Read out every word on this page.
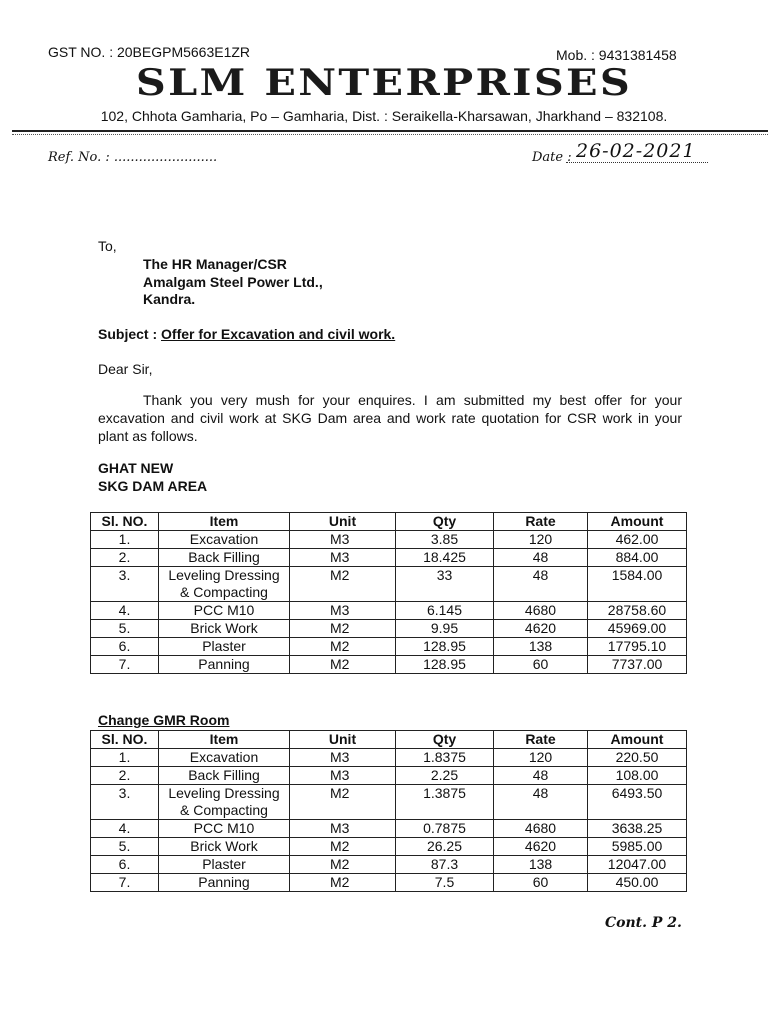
GST NO. : 20BEGPM5663E1ZR	Mob. : 9431381458
SLM ENTERPRISES
102, Chhota Gamharia, Po – Gamharia, Dist. : Seraikella-Kharsawan, Jharkhand – 832108.
Ref. No. : .........................	Date : 26-02-2021
To,
The HR Manager/CSR
Amalgam Steel Power Ltd.,
Kandra.
Subject : Offer for Excavation and civil work.
Dear Sir,
Thank you very mush for your enquires. I am submitted my best offer for your excavation and civil work at SKG Dam area and work rate quotation for CSR work in your plant as follows.
GHAT NEW
SKG DAM AREA
Sl. NO.	Item	Unit	Qty	Rate	Amount
1.	Excavation	M3	3.85	120	462.00
2.	Back Filling	M3	18.425	48	884.00
3.	Leveling Dressing & Compacting	M2	33	48	1584.00
4.	PCC M10	M3	6.145	4680	28758.60
5.	Brick Work	M2	9.95	4620	45969.00
6.	Plaster	M2	128.95	138	17795.10
7.	Panning	M2	128.95	60	7737.00
Change GMR Room
Sl. NO.	Item	Unit	Qty	Rate	Amount
1.	Excavation	M3	1.8375	120	220.50
2.	Back Filling	M3	2.25	48	108.00
3.	Leveling Dressing & Compacting	M2	1.3875	48	6493.50
4.	PCC M10	M3	0.7875	4680	3638.25
5.	Brick Work	M2	26.25	4620	5985.00
6.	Plaster	M2	87.3	138	12047.00
7.	Panning	M2	7.5	60	450.00
Cont. P 2.
